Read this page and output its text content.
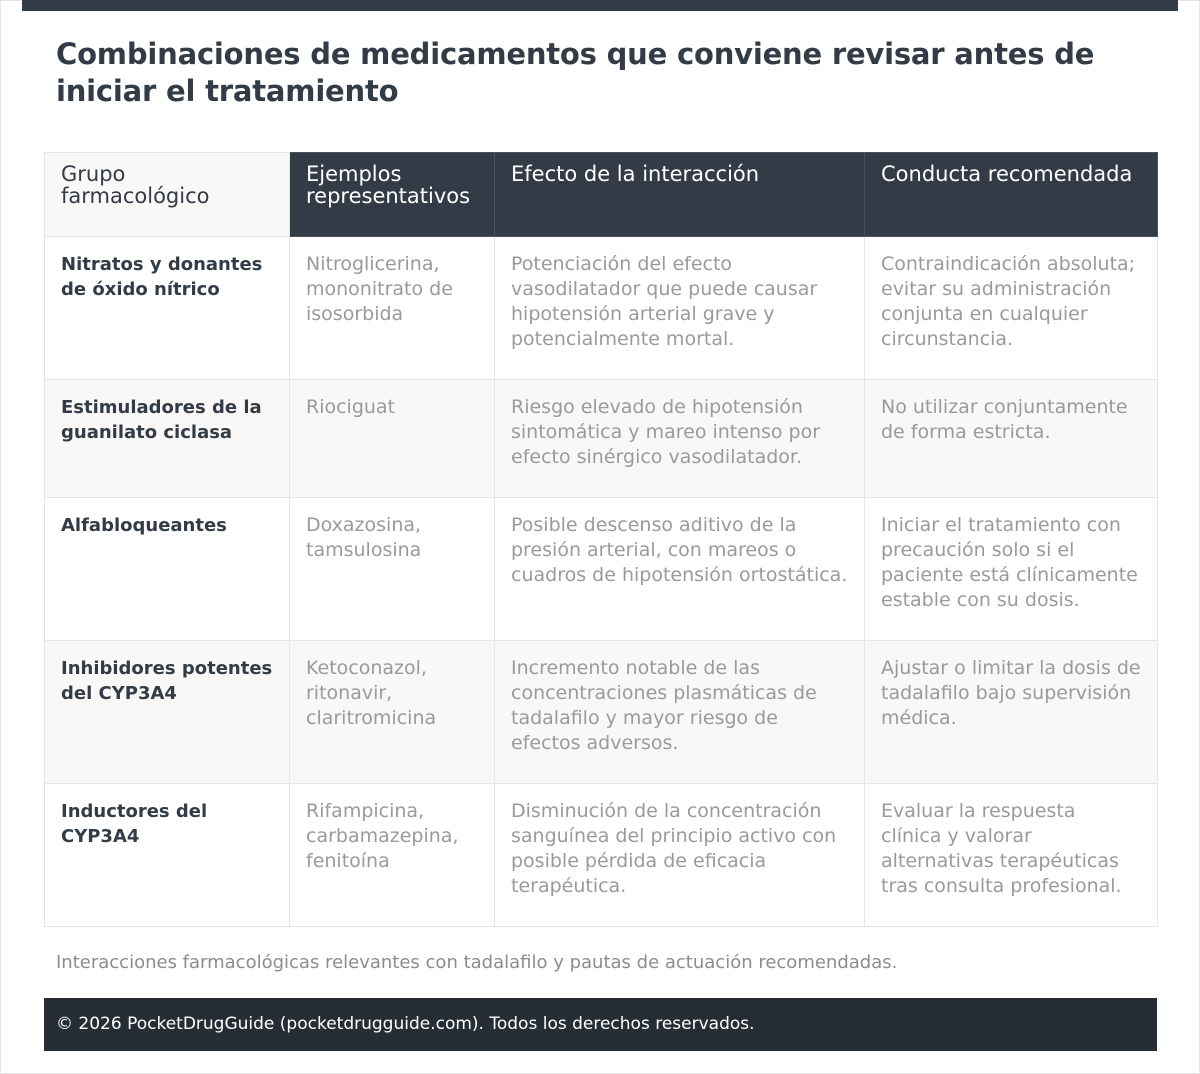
Combinaciones de medicamentos que conviene revisar antes de iniciar el tratamiento
Grupo farmacológico	Ejemplos representativos	Efecto de la interacción	Conducta recomendada
Nitratos y donantes de óxido nítrico	Nitroglicerina, mononitrato de isosorbida	Potenciación del efecto vasodilatador que puede causar hipotensión arterial grave y potencialmente mortal.	Contraindicación absoluta; evitar su administración conjunta en cualquier circunstancia.
Estimuladores de la guanilato ciclasa	Riociguat	Riesgo elevado de hipotensión sintomática y mareo intenso por efecto sinérgico vasodilatador.	No utilizar conjuntamente de forma estricta.
Alfabloqueantes	Doxazosina, tamsulosina	Posible descenso aditivo de la presión arterial, con mareos o cuadros de hipotensión ortostática.	Iniciar el tratamiento con precaución solo si el paciente está clínicamente estable con su dosis.
Inhibidores potentes del CYP3A4	Ketoconazol, ritonavir, claritromicina	Incremento notable de las concentraciones plasmáticas de tadalafilo y mayor riesgo de efectos adversos.	Ajustar o limitar la dosis de tadalafilo bajo supervisión médica.
Inductores del CYP3A4	Rifampicina, carbamazepina, fenitoína	Disminución de la concentración sanguínea del principio activo con posible pérdida de eficacia terapéutica.	Evaluar la respuesta clínica y valorar alternativas terapéuticas tras consulta profesional.
Interacciones farmacológicas relevantes con tadalafilo y pautas de actuación recomendadas.
© 2026 PocketDrugGuide (pocketdrugguide.com). Todos los derechos reservados.
